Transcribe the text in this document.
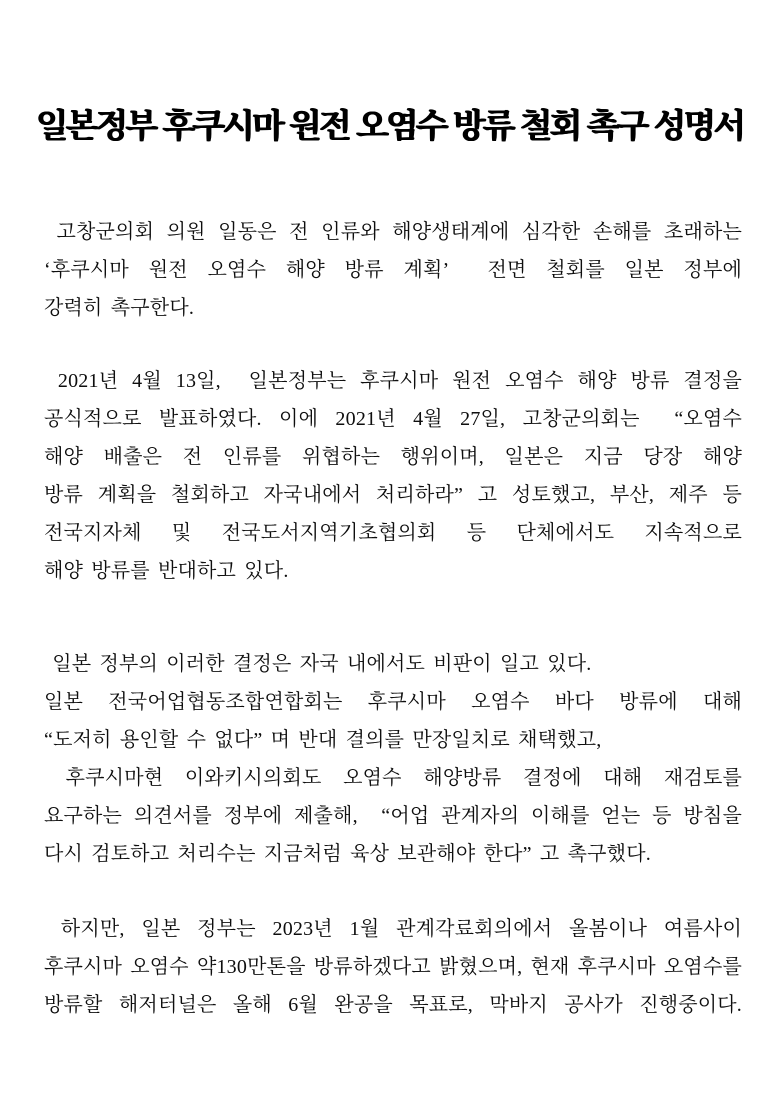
일본정부 후쿠시마 원전 오염수 방류 철회 촉구 성명서

고창군의회 의원 일동은 전 인류와 해양생태계에 심각한 손해를 초래하는

‘후쿠시마 원전 오염수 해양 방류 계획’  전면 철회를 일본 정부에

강력히 촉구한다.

2021년 4월 13일,  일본정부는 후쿠시마 원전 오염수 해양 방류 결정을

공식적으로 발표하였다. 이에 2021년 4월 27일, 고창군의회는  “오염수

해양 배출은 전 인류를 위협하는 행위이며, 일본은 지금 당장 해양

방류 계획을 철회하고 자국내에서 처리하라” 고 성토했고, 부산, 제주 등

전국지자체 및 전국도서지역기초협의회 등 단체에서도 지속적으로

해양 방류를 반대하고 있다.

일본 정부의 이러한 결정은 자국 내에서도 비판이 일고 있다.

일본 전국어업협동조합연합회는 후쿠시마 오염수 바다 방류에 대해

“도저히 용인할 수 없다” 며 반대 결의를 만장일치로 채택했고,

후쿠시마현 이와키시의회도 오염수 해양방류 결정에 대해 재검토를

요구하는 의견서를 정부에 제출해,  “어업 관계자의 이해를 얻는 등 방침을

다시 검토하고 처리수는 지금처럼 육상 보관해야 한다” 고 촉구했다.

하지만, 일본 정부는 2023년 1월 관계각료회의에서 올봄이나 여름사이

후쿠시마 오염수 약130만톤을 방류하겠다고 밝혔으며, 현재 후쿠시마 오염수를

방류할 해저터널은 올해 6월 완공을 목표로, 막바지 공사가 진행중이다.
